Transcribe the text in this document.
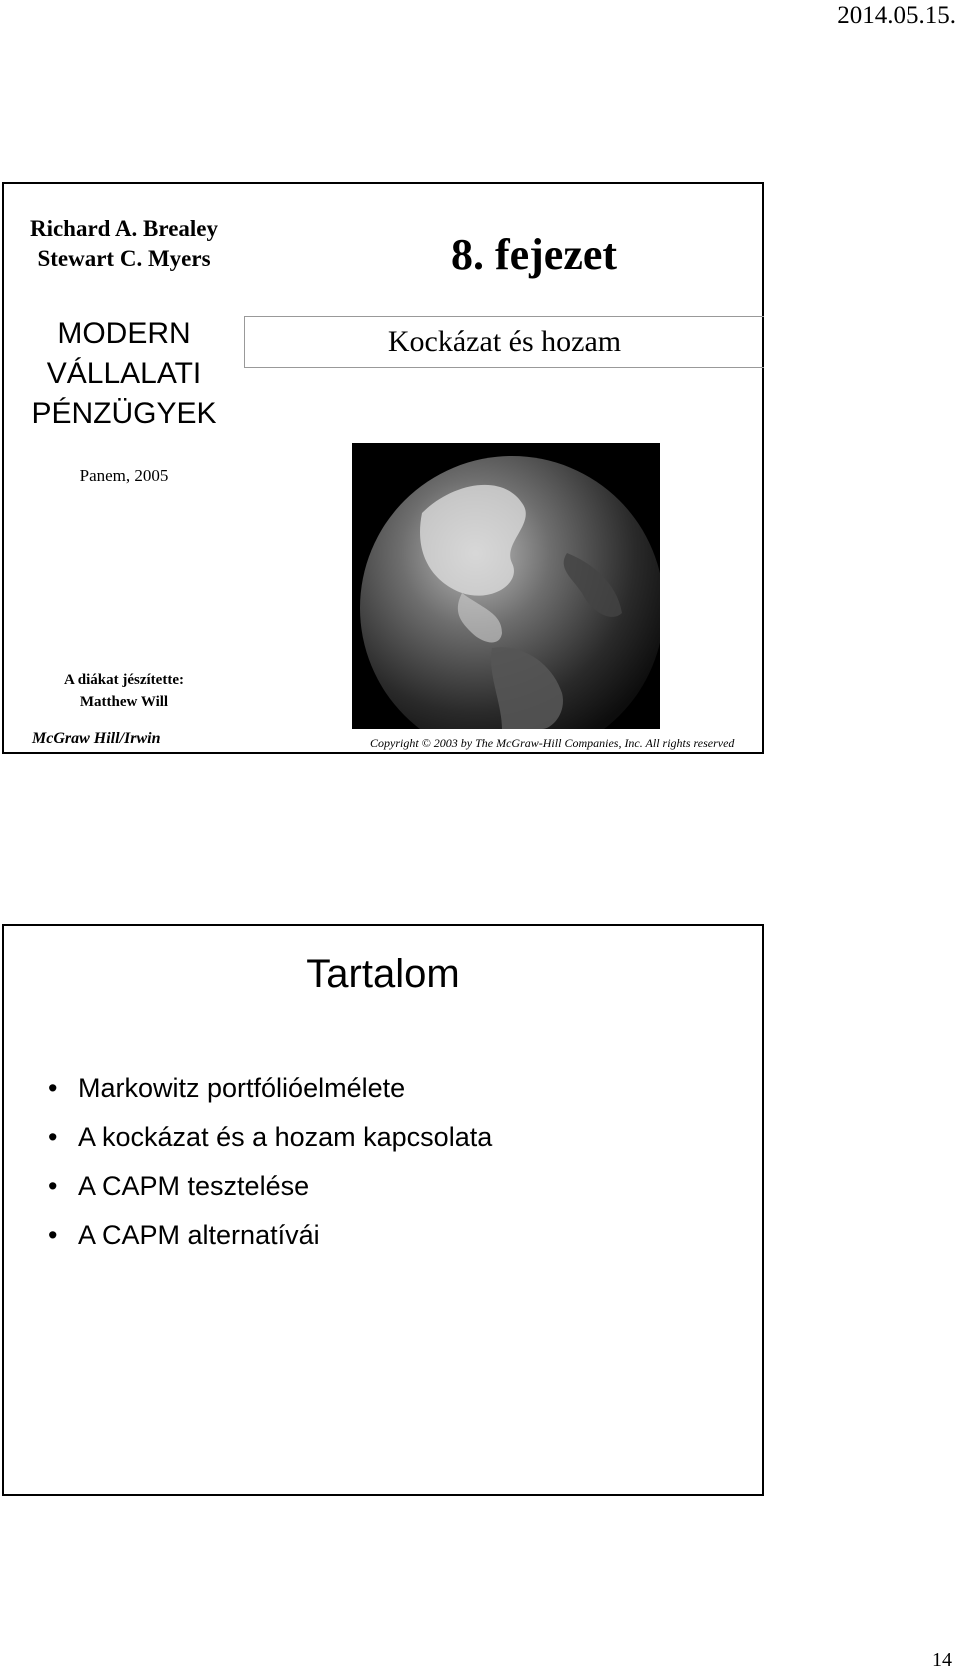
2014.05.15.
Richard A. Brealey
Stewart C. Myers
MODERN
VÁLLALATI
PÉNZÜGYEK
Panem, 2005
8. fejezet
Kockázat és hozam
A diákat jészítette:
Matthew Will
McGraw Hill/Irwin	Copyright © 2003 by The McGraw-Hill Companies, Inc. All rights reserved
Tartalom
• Markowitz portfólióelmélete
• A kockázat és a hozam kapcsolata
• A CAPM tesztelése
• A CAPM alternatívái
14
